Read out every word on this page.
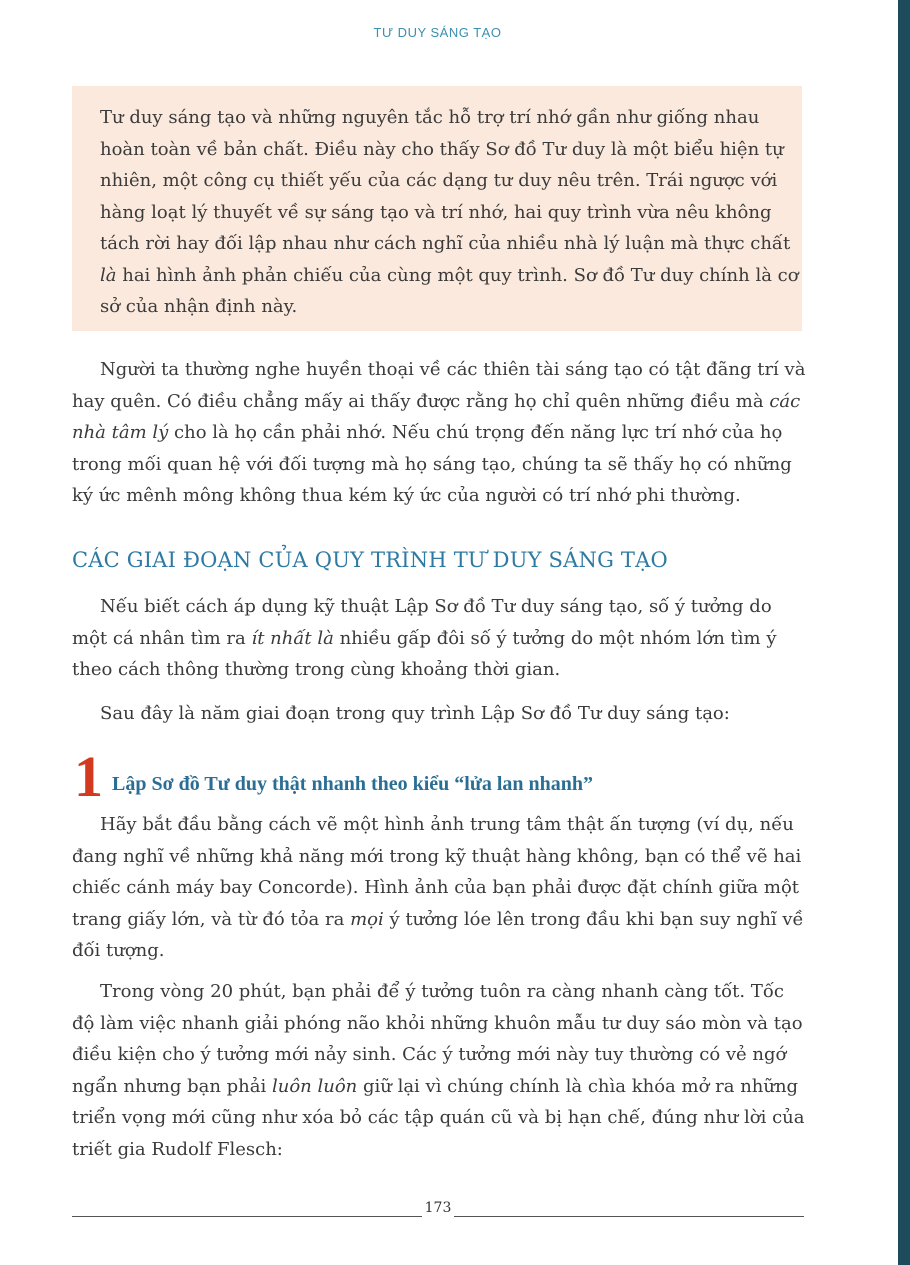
TƯ DUY SÁNG TẠO

Tư duy sáng tạo và những nguyên tắc hỗ trợ trí nhớ gần như giống nhau hoàn toàn về bản chất. Điều này cho thấy Sơ đồ Tư duy là một biểu hiện tự nhiên, một công cụ thiết yếu của các dạng tư duy nêu trên. Trái ngược với hàng loạt lý thuyết về sự sáng tạo và trí nhớ, hai quy trình vừa nêu không tách rời hay đối lập nhau như cách nghĩ của nhiều nhà lý luận mà thực chất là hai hình ảnh phản chiếu của cùng một quy trình. Sơ đồ Tư duy chính là cơ sở của nhận định này.

Người ta thường nghe huyền thoại về các thiên tài sáng tạo có tật đãng trí và hay quên. Có điều chẳng mấy ai thấy được rằng họ chỉ quên những điều mà các nhà tâm lý cho là họ cần phải nhớ. Nếu chú trọng đến năng lực trí nhớ của họ trong mối quan hệ với đối tượng mà họ sáng tạo, chúng ta sẽ thấy họ có những ký ức mênh mông không thua kém ký ức của người có trí nhớ phi thường.

CÁC GIAI ĐOẠN CỦA QUY TRÌNH TƯ DUY SÁNG TẠO

Nếu biết cách áp dụng kỹ thuật Lập Sơ đồ Tư duy sáng tạo, số ý tưởng do một cá nhân tìm ra ít nhất là nhiều gấp đôi số ý tưởng do một nhóm lớn tìm ý theo cách thông thường trong cùng khoảng thời gian.

Sau đây là năm giai đoạn trong quy trình Lập Sơ đồ Tư duy sáng tạo:

1 Lập Sơ đồ Tư duy thật nhanh theo kiểu “lửa lan nhanh”

Hãy bắt đầu bằng cách vẽ một hình ảnh trung tâm thật ấn tượng (ví dụ, nếu đang nghĩ về những khả năng mới trong kỹ thuật hàng không, bạn có thể vẽ hai chiếc cánh máy bay Concorde). Hình ảnh của bạn phải được đặt chính giữa một trang giấy lớn, và từ đó tỏa ra mọi ý tưởng lóe lên trong đầu khi bạn suy nghĩ về đối tượng.

Trong vòng 20 phút, bạn phải để ý tưởng tuôn ra càng nhanh càng tốt. Tốc độ làm việc nhanh giải phóng não khỏi những khuôn mẫu tư duy sáo mòn và tạo điều kiện cho ý tưởng mới nảy sinh. Các ý tưởng mới này tuy thường có vẻ ngớ ngẩn nhưng bạn phải luôn luôn giữ lại vì chúng chính là chìa khóa mở ra những triển vọng mới cũng như xóa bỏ các tập quán cũ và bị hạn chế, đúng như lời của triết gia Rudolf Flesch:

173
